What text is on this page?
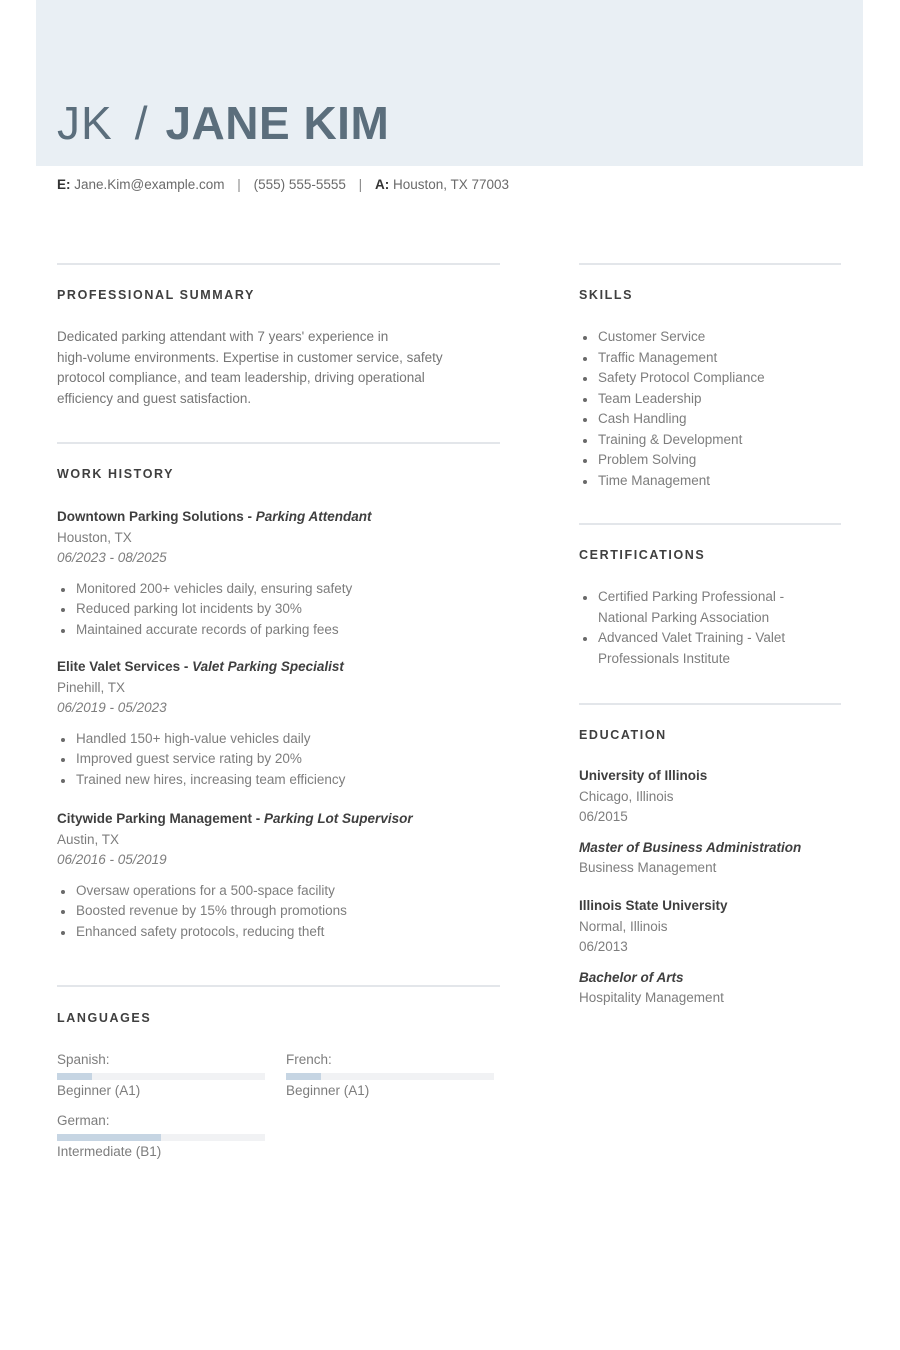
JK / JANE KIM
E: Jane.Kim@example.com | (555) 555-5555 | A: Houston, TX 77003
PROFESSIONAL SUMMARY
Dedicated parking attendant with 7 years' experience in
high-volume environments. Expertise in customer service, safety
protocol compliance, and team leadership, driving operational
efficiency and guest satisfaction.
WORK HISTORY
Downtown Parking Solutions - Parking Attendant
Houston, TX
06/2023 - 08/2025
Monitored 200+ vehicles daily, ensuring safety
Reduced parking lot incidents by 30%
Maintained accurate records of parking fees
Elite Valet Services - Valet Parking Specialist
Pinehill, TX
06/2019 - 05/2023
Handled 150+ high-value vehicles daily
Improved guest service rating by 20%
Trained new hires, increasing team efficiency
Citywide Parking Management - Parking Lot Supervisor
Austin, TX
06/2016 - 05/2019
Oversaw operations for a 500-space facility
Boosted revenue by 15% through promotions
Enhanced safety protocols, reducing theft
LANGUAGES
Spanish:
Beginner (A1)
French:
Beginner (A1)
German:
Intermediate (B1)
SKILLS
Customer Service
Traffic Management
Safety Protocol Compliance
Team Leadership
Cash Handling
Training & Development
Problem Solving
Time Management
CERTIFICATIONS
Certified Parking Professional - National Parking Association
Advanced Valet Training - Valet Professionals Institute
EDUCATION
University of Illinois
Chicago, Illinois
06/2015
Master of Business Administration
Business Management
Illinois State University
Normal, Illinois
06/2013
Bachelor of Arts
Hospitality Management
